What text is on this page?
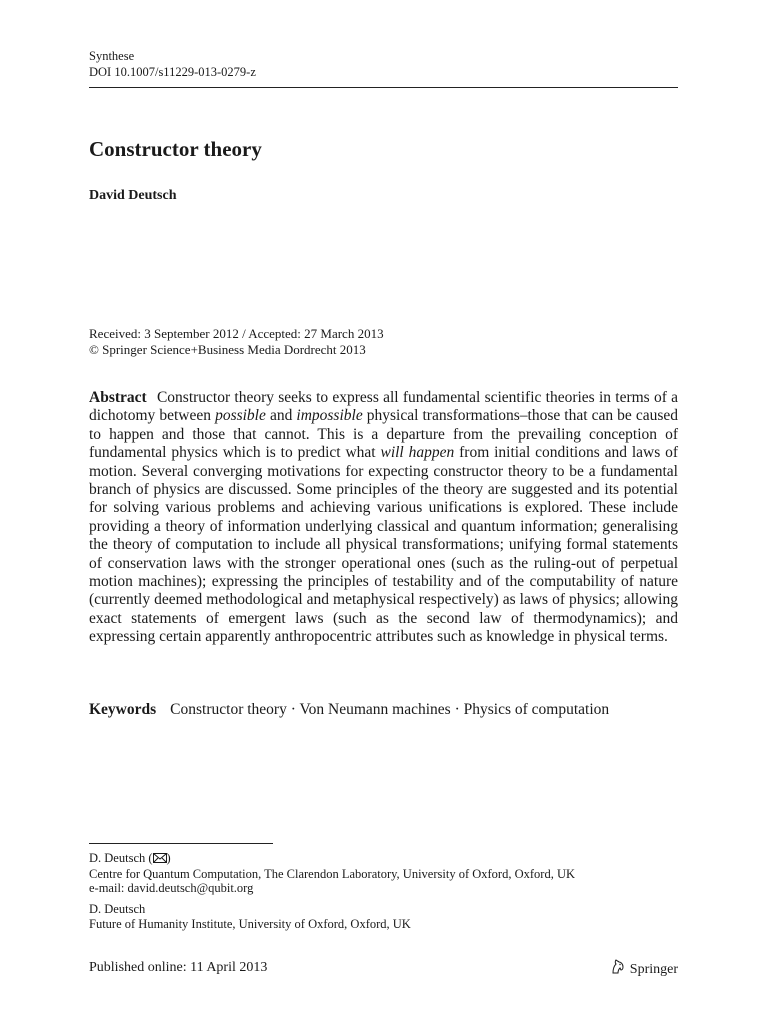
Synthese
DOI 10.1007/s11229-013-0279-z
Constructor theory
David Deutsch
Received: 3 September 2012 / Accepted: 27 March 2013
© Springer Science+Business Media Dordrecht 2013

Abstract Constructor theory seeks to express all fundamental scientific theories in terms of a dichotomy between possible and impossible physical transformations–those that can be caused to happen and those that cannot. This is a departure from the prevailing conception of fundamental physics which is to predict what will happen from initial conditions and laws of motion. Several converging motivations for expecting constructor theory to be a fundamental branch of physics are discussed. Some principles of the theory are suggested and its potential for solving various problems and achieving various unifications is explored. These include providing a theory of information underlying classical and quantum information; generalising the theory of computation to include all physical transformations; unifying formal statements of conservation laws with the stronger operational ones (such as the ruling-out of perpetual motion machines); expressing the principles of testability and of the computability of nature (currently deemed methodological and metaphysical respectively) as laws of physics; allowing exact statements of emergent laws (such as the second law of thermodynamics); and expressing certain apparently anthropocentric attributes such as knowledge in physical terms.

Keywords Constructor theory · Von Neumann machines · Physics of computation
D. Deutsch ( )
Centre for Quantum Computation, The Clarendon Laboratory, University of Oxford, Oxford, UK
e-mail: david.deutsch@qubit.org
D. Deutsch
Future of Humanity Institute, University of Oxford, Oxford, UK
Published online: 11 April 2013	Springer
